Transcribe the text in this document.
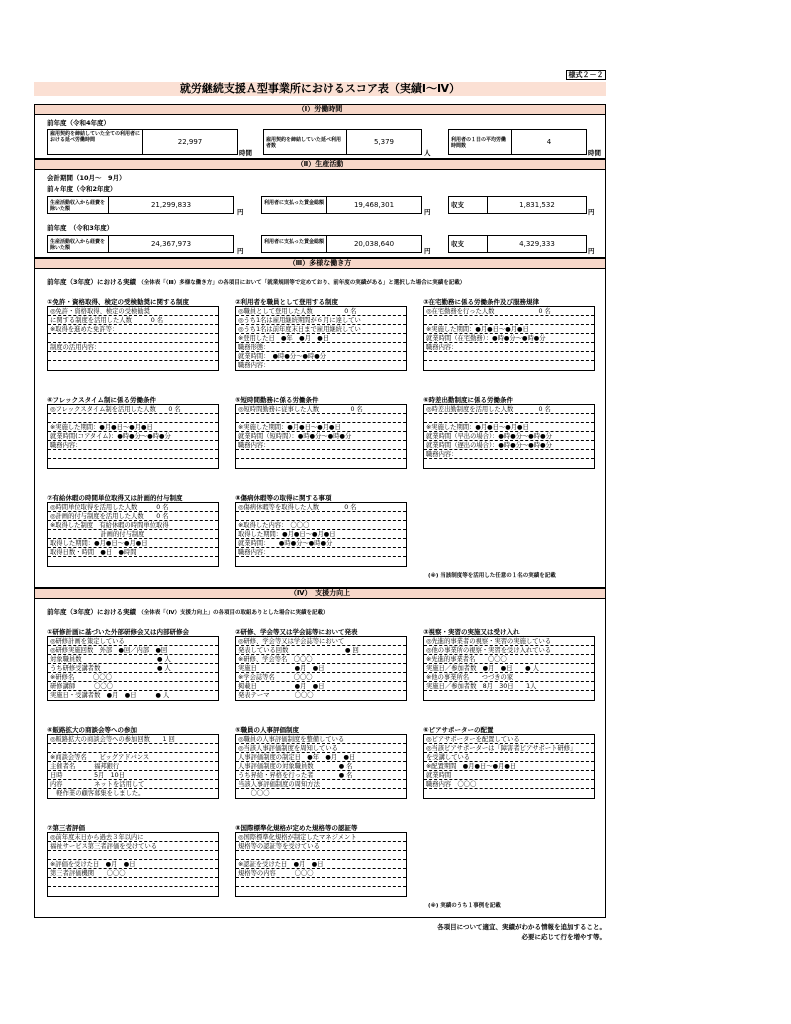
様式２－２
就労継続支援Ａ型事業所におけるスコア表（実績Ⅰ～Ⅳ）
（Ⅰ）労働時間
前年度（令和4年度）
雇用契約を締結していた全ての利用者における延べ労働時間	22,997
時間
雇用契約を締結していた延べ利用者数	5,379
人
利用者の１日の平均労働時間数	4
時間
（Ⅱ）生産活動
会計期間（10月～　9月）
前々年度（令和2年度）
生産活動収入から経費を除いた額	21,299,833
円
利用者に支払った賃金総額	19,468,301
円
収支	1,831,532
円
前年度　（令和3年度）
生産活動収入から経費を除いた額	24,367,973
円
利用者に支払った賃金総額	20,038,640
円
収支	4,329,333
円
（Ⅲ）多様な働き方
前年度（3年度）における実績 （全体表「（Ⅲ）多様な働き方」の各項目において「就業規則等で定めており、前年度の実績がある」と選択した場合に実績を記載）
①免許・資格取得、検定の受検勧奨に関する制度
◎免許・資格取得、検定の受検勧奨
に関する制度を活用した人数　　　0 名
※取得を進めた免許等：
制度の活用内容：
②利用者を職員として登用する制度
◎職員として登用した人数　　　　　0 名
◎うち1名は雇用継続期間が６月に達してい
◎うち1名は前年度末日まで雇用継続してい
※登用した日　●年　●月　●日
職務形態：
就業時間：　●時●分～●時●分
職務内容：
③在宅勤務に係る労働条件及び服務規律
◎在宅勤務を行った人数　　　　　　　0 名
※実施した期間：●月●日～●月●日
就業時間（在宅勤務）：●時●分～●時●分
職務内容：
④フレックスタイム制に係る労働条件
◎フレックスタイム制を活用した人数　　0 名
※実施した期間：●月●日～●月●日
就業時間(コアタイム)：●時●分～●時●分
職務内容：
⑤短時間勤務に係る労働条件
◎短時間勤務に従事した人数　　　　　0 名
※実施した期間：●月●日～●月●日
就業時間（短時間）：●時●分～●時●分
職務内容：
⑥時差出勤制度に係る労働条件
◎時差出勤制度を活用した人数　　　　0 名
※実施した期間：●月●日～●月●日
就業時間（早出の場合）：●時●分～●時●分
就業時間（遅出の場合）：●時●分～●時●分
職務内容：
⑦有給休暇の時間単位取得又は計画的付与制度
◎時間単位取得を活用した人数　　　0 名
◎計画的付与制度を活用した人数　　0 名
※取得した制度　有給休暇の時間単位取得
　　　　　　　　計画的付与制度
取得した期間：●月●日～●月●日
取得日数・時間　●日　●時間
⑧傷病休暇等の取得に関する事項
◎傷病休暇等を取得した人数　　　　0 名
※取得した内容：　〇〇〇
取得した期間：●月●日～●月●日
就業時間：　　●時●分～●時●分
職務内容：
(※) 当該制度等を活用した任意の１名の実績を記載
（Ⅳ）　支援力向上
前年度（3年度）における実績 （全体表「（Ⅳ）支援力向上」の各項目の取組ありとした場合に実績を記載）
①研修計画に基づいた外部研修会又は内部研修会
◎研修計画を策定している
◎研修実施回数　外部　●回／内部　●回
対象職員数　　　　　　　　　　　　● 人
うち研修受講者数　　　　　　　　　● 人
※研修名　　　〇〇〇
研修講師　　　〇〇〇
実施日・受講者数　●月　●日　　　● 人
②研修、学会等又は学会誌等において発表
◎研修、学会等又は学会誌等において
発表している回数　　　　　　　　　● 回
※研修、学会等名　〇〇〇
実施日　　　　　　●月　●日
※学会誌等名　　　〇〇〇
掲載日　　　　　　●月　●日
発表テーマ　　　　〇〇〇
③視察・実習の実施又は受け入れ
◎先進的事業者の視察・実習の実施している
◎他の事業所の視察・実習を受け入れている
※先進的事業者名　　〇〇〇
実施日／参加者数　●月　●日　　● 人
※他の事業所名　　つづきの家
実施日／参加者数　8月　30日　　1人
④販路拡大の商談会等への参加
◎販路拡大の商談会等への参加回数　　1 回
※商談会等名　　ビッグアドバンス
主催者名　　　福邦銀行
日時　　　　　5月　10日
内容　　　　　ネットを活用して
　軽作業の顧客募集をしました。
⑤職員の人事評価制度
◎職員の人事評価制度を整備している
◎当該人事評価制度を周知している
人事評価制度の制定日　●年　●月　●日
人事評価制度の対象職員数　　　　● 名
うち昇給・昇格を行った者　　　　● 名
当該人事評価制度の周知方法
　　〇〇〇
⑥ピアサポーターの配置
◎ピアサポーターを配置している
◎当該ピアサポーターは「障害者ピアサポート研修」
を受講している
※配置期間　●月●日～●月●日
就業時間
職務内容　〇〇〇
⑦第三者評価
◎前年度末日から過去３年以内に
福祉サービス第三者評価を受けている
※評価を受けた日　●月　●日
第三者評価機関　　〇〇〇
⑧国際標準化規格が定めた規格等の認証等
◎国際標準化規格が制定したマネジメント
規格等の認証等を受けている
※認証を受けた日　●月　●日
規格等の内容　　　〇〇〇
(※) 実績のうち１事例を記載
各項目について適宜、実績がわかる情報を追加すること。
必要に応じて行を増やす等。
